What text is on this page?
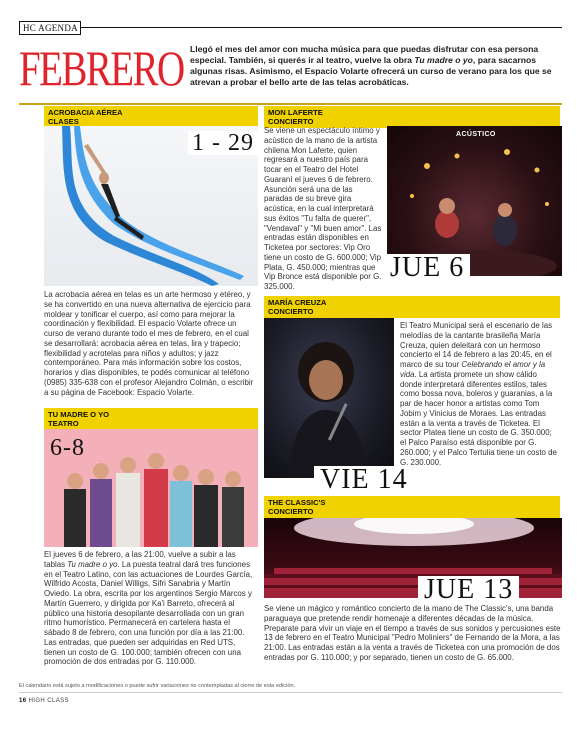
HC AGENDA
FEBRERO Llegó el mes del amor con mucha música para que puedas disfrutar con esa persona especial. También, si querés ir al teatro, vuelve la obra Tu madre o yo, para sacarnos algunas risas. Asimismo, el Espacio Volarte ofrecerá un curso de verano para los que se atrevan a probar el bello arte de las telas acrobáticas.
ACROBACIA AÉREA
CLASES
1 - 29
La acrobacia aérea en telas es un arte hermoso y etéreo, y se ha convertido en una nueva alternativa de ejercicio para moldear y tonificar el cuerpo, así como para mejorar la coordinación y flexibilidad. El espacio Volarte ofrece un curso de verano durante todo el mes de febrero, en el cual se desarrollará: acrobacia aérea en telas, lira y trapecio; flexibilidad y acrotelas para niños y adultos; y jazz contemporáneo. Para más información sobre los costos, horarios y días disponibles, te podés comunicar al teléfono (0985) 335-638 con el profesor Alejandro Colmán, o escribir a su página de Facebook: Espacio Volarte.
TU MADRE O YO
TEATRO
6-8
El jueves 6 de febrero, a las 21:00, vuelve a subir a las tablas Tu madre o yo. La puesta teatral dará tres funciones en el Teatro Latino, con las actuaciones de Lourdes García, Wilfrido Acosta, Daniel Willigs, Sifri Sanabria y Martín Oviedo. La obra, escrita por los argentinos Sergio Marcos y Martín Guerrero, y dirigida por Ka'i Barreto, ofrecerá al público una historia desopilante desarrollada con un gran ritmo humorístico. Permanecerá en cartelera hasta el sábado 8 de febrero, con una función por día a las 21:00. Las entradas, que pueden ser adquiridas en Red UTS, tienen un costo de G. 100.000; también ofrecen con una promoción de dos entradas por G. 110.000.
MON LAFERTE
CONCIERTO
Se viene un espectáculo íntimo y acústico de la mano de la artista chilena Mon Laferte, quien regresará a nuestro país para tocar en el Teatro del Hotel Guaraní el jueves 6 de febrero. Asunción será una de las paradas de su breve gira acústica, en la cual interpretará sus éxitos "Tu falta de querer", "Vendaval" y "Mi buen amor". Las entradas están disponibles en Ticketea por sectores: Vip Oro tiene un costo de G. 600.000; Vip Plata, G. 450.000; mientras que Vip Bronce está disponible por G. 325.000.
ACÚSTICO
JUE 6
MARÍA CREUZA
CONCIERTO
VIE 14
El Teatro Municipal será el escenario de las melodías de la cantante brasileña María Creuza, quien deleitará con un hermoso concierto el 14 de febrero a las 20:45, en el marco de su tour Celebrando el amor y la vida. La artista promete un show cálido donde interpretará diferentes estilos, tales como bossa nova, boleros y guaranias, a la par de hacer honor a artistas como Tom Jobim y Vinicius de Moraes. Las entradas están a la venta a través de Ticketea. El sector Platea tiene un costo de G. 350.000; el Palco Paraíso está disponible por G. 260.000; y el Palco Tertulia tiene un costo de G. 230.000.
THE CLASSIC'S
CONCIERTO
JUE 13
Se viene un mágico y romántico concierto de la mano de The Classic's, una banda paraguaya que pretende rendir homenaje a diferentes décadas de la música. Preparate para vivir un viaje en el tiempo a través de sus sonidos y percusiones este 13 de febrero en el Teatro Municipal "Pedro Moliniers" de Fernando de la Mora, a las 21:00. Las entradas están a la venta a través de Ticketea con una promoción de dos entradas por G. 110.000; y por separado, tienen un costo de G. 65.000.
El calendario está sujeto a modificaciones o puede sufrir variaciones no contempladas al cierre de esta edición.
16 HIGH CLASS
